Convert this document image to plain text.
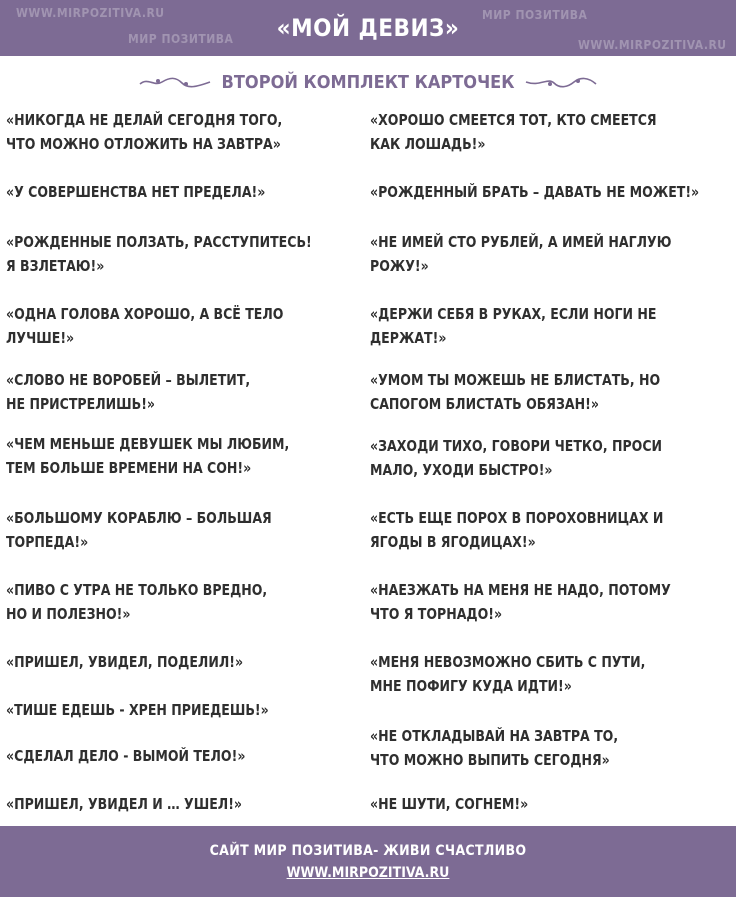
WWW.MIRPOZITIVA.RU
МИР ПОЗИТИВА
МИР ПОЗИТИВА
WWW.MIRPOZITIVA.RU
«МОЙ ДЕВИЗ»
ВТОРОЙ КОМПЛЕКТ КАРТОЧЕК
«НИКОГДА НЕ ДЕЛАЙ СЕГОДНЯ ТОГО,
ЧТО МОЖНО ОТЛОЖИТЬ НА ЗАВТРА»
«У СОВЕРШЕНСТВА НЕТ ПРЕДЕЛА!»
«РОЖДЕННЫЕ ПОЛЗАТЬ, РАССТУПИТЕСЬ!
Я ВЗЛЕТАЮ!»
«ОДНА ГОЛОВА ХОРОШО, А ВСЁ ТЕЛО
ЛУЧШЕ!»
«СЛОВО НЕ ВОРОБЕЙ – ВЫЛЕТИТ,
НЕ ПРИСТРЕЛИШЬ!»
«ЧЕМ МЕНЬШЕ ДЕВУШЕК МЫ ЛЮБИМ,
ТЕМ БОЛЬШЕ ВРЕМЕНИ НА СОН!»
«БОЛЬШОМУ КОРАБЛЮ – БОЛЬШАЯ
ТОРПЕДА!»
«ПИВО С УТРА НЕ ТОЛЬКО ВРЕДНО,
НО И ПОЛЕЗНО!»
«ПРИШЕЛ, УВИДЕЛ, ПОДЕЛИЛ!»
«ТИШЕ ЕДЕШЬ - ХРЕН ПРИЕДЕШЬ!»
«СДЕЛАЛ ДЕЛО - ВЫМОЙ ТЕЛО!»
«ПРИШЕЛ, УВИДЕЛ И … УШЕЛ!»
«ХОРОШО СМЕЕТСЯ ТОТ, КТО СМЕЕТСЯ
КАК ЛОШАДЬ!»
«РОЖДЕННЫЙ БРАТЬ – ДАВАТЬ НЕ МОЖЕТ!»
«НЕ ИМЕЙ СТО РУБЛЕЙ, А ИМЕЙ НАГЛУЮ
РОЖУ!»
«ДЕРЖИ СЕБЯ В РУКАХ, ЕСЛИ НОГИ НЕ
ДЕРЖАТ!»
«УМОМ ТЫ МОЖЕШЬ НЕ БЛИСТАТЬ, НО
САПОГОМ БЛИСТАТЬ ОБЯЗАН!»
«ЗАХОДИ ТИХО, ГОВОРИ ЧЕТКО, ПРОСИ
МАЛО, УХОДИ БЫСТРО!»
«ЕСТЬ ЕЩЕ ПОРОХ В ПОРОХОВНИЦАХ И
ЯГОДЫ В ЯГОДИЦАХ!»
«НАЕЗЖАТЬ НА МЕНЯ НЕ НАДО, ПОТОМУ
ЧТО Я ТОРНАДО!»
«МЕНЯ НЕВОЗМОЖНО СБИТЬ С ПУТИ,
МНЕ ПОФИГУ КУДА ИДТИ!»
«НЕ ОТКЛАДЫВАЙ НА ЗАВТРА ТО,
ЧТО МОЖНО ВЫПИТЬ СЕГОДНЯ»
«НЕ ШУТИ, СОГНЕМ!»
САЙТ МИР ПОЗИТИВА- ЖИВИ СЧАСТЛИВО
WWW.MIRPOZITIVA.RU
